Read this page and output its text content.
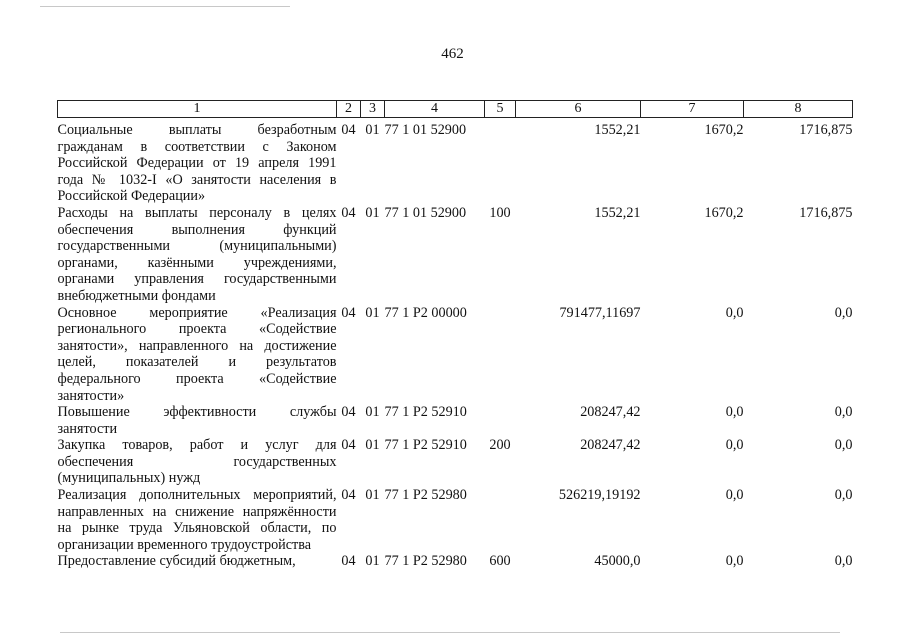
462
1	2	3	4	5	6	7	8

Социальные выплаты безработным гражданам в соответствии с Законом Российской Федерации от 19 апреля 1991 года № 1032-I «О занятости населения в Российской Федерации»	04	01	77 1 01 52900		1552,21	1670,2	1716,875
Расходы на выплаты персоналу в целях обеспечения выполнения функций государственными (муниципальными) органами, казёнными учреждениями, органами управления государственными внебюджетными фондами	04	01	77 1 01 52900	100	1552,21	1670,2	1716,875
Основное мероприятие «Реализация регионального проекта «Содействие занятости», направленного на достижение целей, показателей и результатов федерального проекта «Содействие занятости»	04	01	77 1 P2 00000		791477,11697	0,0	0,0
Повышение эффективности службы занятости	04	01	77 1 P2 52910		208247,42	0,0	0,0
Закупка товаров, работ и услуг для обеспечения государственных (муниципальных) нужд	04	01	77 1 P2 52910	200	208247,42	0,0	0,0
Реализация дополнительных мероприятий, направленных на снижение напряжённости на рынке труда Ульяновской области, по организации временного трудоустройства	04	01	77 1 P2 52980		526219,19192	0,0	0,0
Предоставление субсидий бюджетным,	04	01	77 1 P2 52980	600	45000,0	0,0	0,0
